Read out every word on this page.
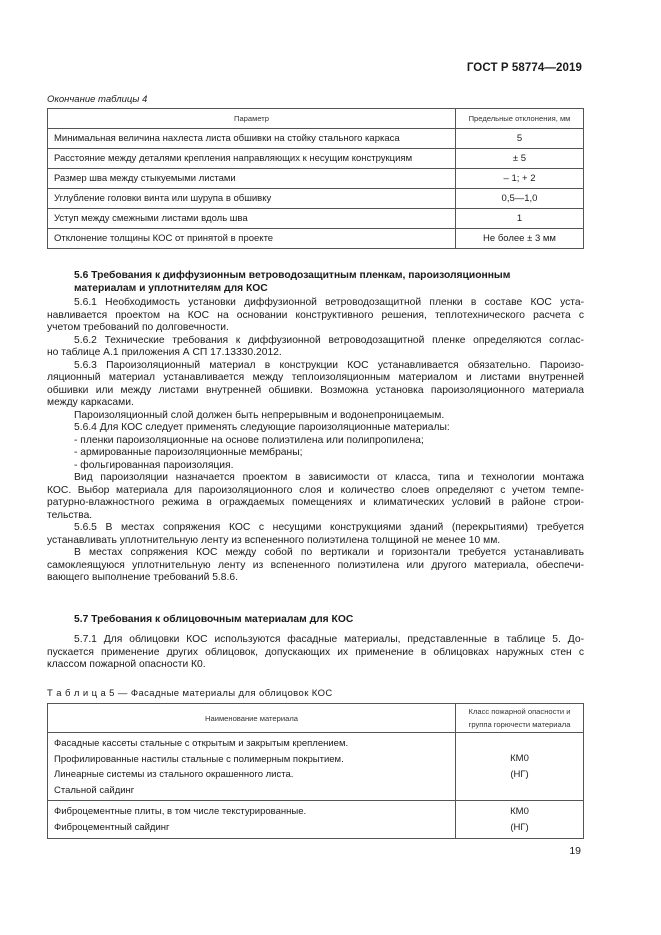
ГОСТ Р 58774—2019
Окончание таблицы 4
Параметр	Предельные отклонения, мм
Минимальная величина нахлеста листа обшивки на стойку стального каркаса	5
Расстояние между деталями крепления направляющих к несущим конструкциям	± 5
Размер шва между стыкуемыми листами	– 1; + 2
Углубление головки винта или шурупа в обшивку	0,5—1,0
Уступ между смежными листами вдоль шва	1
Отклонение толщины КОС от принятой в проекте	Не более ± 3 мм
5.6 Требования к диффузионным ветроводозащитным пленкам, пароизоляционным
материалам и уплотнителям для КОС
5.6.1 Необходимость установки диффузионной ветроводозащитной пленки в составе КОС уста-
навливается проектом на КОС на основании конструктивного решения, теплотехнического расчета с
учетом требований по долговечности.
5.6.2 Технические требования к диффузионной ветроводозащитной пленке определяются соглас-
но таблице А.1 приложения А СП 17.13330.2012.
5.6.3 Пароизоляционный материал в конструкции КОС устанавливается обязательно. Пароизо-
ляционный материал устанавливается между теплоизоляционным материалом и листами внутренней
обшивки или между листами внутренней обшивки. Возможна установка пароизоляционного материала
между каркасами.
Пароизоляционный слой должен быть непрерывным и водонепроницаемым.
5.6.4 Для КОС следует применять следующие пароизоляционные материалы:
- пленки пароизоляционные на основе полиэтилена или полипропилена;
- армированные пароизоляционные мембраны;
- фольгированная пароизоляция.
Вид пароизоляции назначается проектом в зависимости от класса, типа и технологии монтажа
КОС. Выбор материала для пароизоляционного слоя и количество слоев определяют с учетом темпе-
ратурно-влажностного режима в ограждаемых помещениях и климатических условий в районе строи-
тельства.
5.6.5 В местах сопряжения КОС с несущими конструкциями зданий (перекрытиями) требуется
устанавливать уплотнительную ленту из вспененного полиэтилена толщиной не менее 10 мм.
В местах сопряжения КОС между собой по вертикали и горизонтали требуется устанавливать
самоклеящуюся уплотнительную ленту из вспененного полиэтилена или другого материала, обеспечи-
вающего выполнение требований 5.8.6.
5.7 Требования к облицовочным материалам для КОС
5.7.1 Для облицовки КОС используются фасадные материалы, представленные в таблице 5. До-
пускается применение других облицовок, допускающих их применение в облицовках наружных стен с
классом пожарной опасности К0.
Т а б л и ц а 5 — Фасадные материалы для облицовок КОС
Наименование материала	Класс пожарной опасности и
группа горючести материала

Фасадные кассеты стальные с открытым и закрытым креплением.
Профилированные настилы стальные с полимерным покрытием.
Линеарные системы из стального окрашенного листа.
Стальной сайдинг	КМ0
(НГ)

Фиброцементные плиты, в том числе текстурированные.
Фиброцементный сайдинг	КМ0
(НГ)
19
